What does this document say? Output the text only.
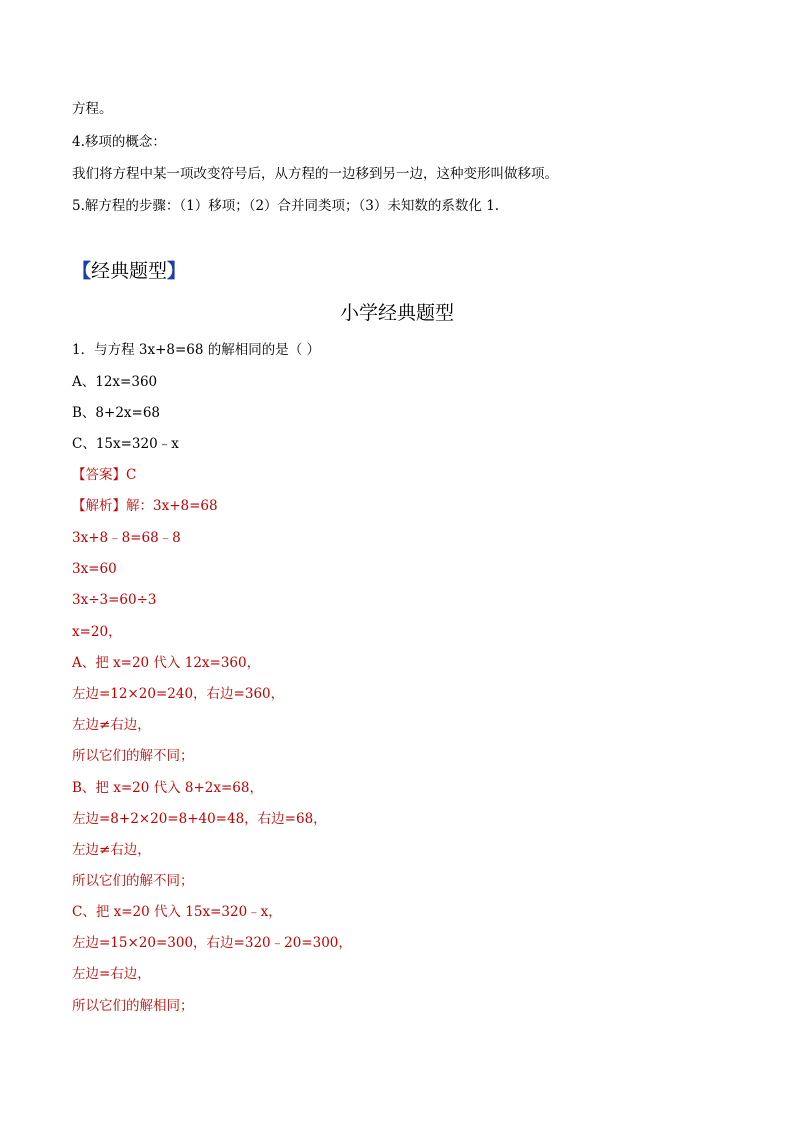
方程。
4.移项的概念：
我们将方程中某一项改变符号后，从方程的一边移到另一边，这种变形叫做移项。
5.解方程的步骤：（1）移项；（2）合并同类项；（3）未知数的系数化 1.
【经典题型】
小学经典题型
1．与方程 3x+8=68 的解相同的是（ ）
A、12x=360
B、8+2x=68
C、15x=320﹣x
【答案】C
【解析】解：3x+8=68
3x+8﹣8=68﹣8
3x=60
3x÷3=60÷3
x=20，
A、把 x=20 代入 12x=360，
左边=12×20=240，右边=360，
左边≠右边，
所以它们的解不同；
B、把 x=20 代入 8+2x=68，
左边=8+2×20=8+40=48，右边=68，
左边≠右边，
所以它们的解不同；
C、把 x=20 代入 15x=320﹣x，
左边=15×20=300，右边=320﹣20=300，
左边=右边，
所以它们的解相同；
